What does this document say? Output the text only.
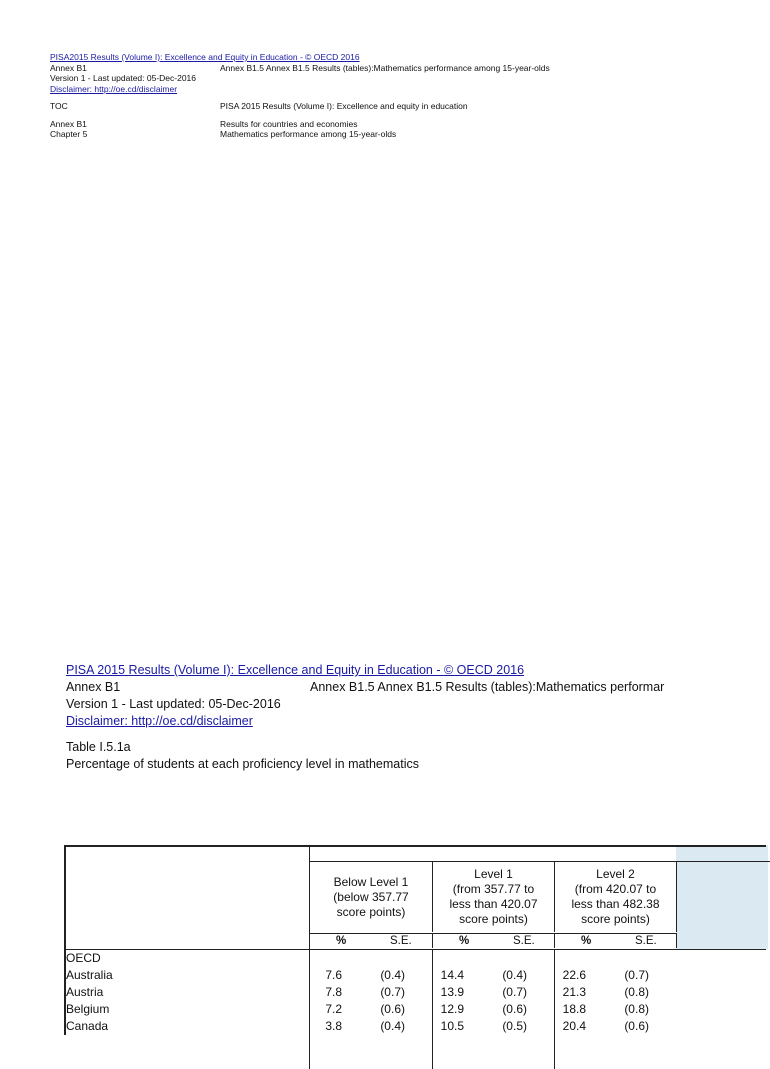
PISA2015 Results (Volume I): Excellence and Equity in Education - © OECD 2016
Annex B1	Annex B1.5 Annex B1.5 Results (tables):Mathematics performance among 15-year-olds
Version 1 - Last updated: 05-Dec-2016
Disclaimer: http://oe.cd/disclaimer
TOC	PISA 2015 Results (Volume I): Excellence and equity in education
Annex B1	Results for countries and economies
Chapter 5	Mathematics performance among 15-year-olds
PISA 2015 Results (Volume I): Excellence and Equity in Education - © OECD 2016
Annex B1	Annex B1.5 Annex B1.5 Results (tables):Mathematics performar
Version 1 - Last updated: 05-Dec-2016
Disclaimer: http://oe.cd/disclaimer
Table I.5.1a
Percentage of students at each proficiency level in mathematics
Below Level 1
(below 357.77
score points)
Level 1
(from 357.77 to
less than 420.07
score points)
Level 2
(from 420.07 to
less than 482.38
score points)
%	S.E.	%	S.E.	%	S.E.
OECD
Australia	7.6	(0.4)	14.4	(0.4)	22.6	(0.7)
Austria	7.8	(0.7)	13.9	(0.7)	21.3	(0.8)
Belgium	7.2	(0.6)	12.9	(0.6)	18.8	(0.8)
Canada	3.8	(0.4)	10.5	(0.5)	20.4	(0.6)
